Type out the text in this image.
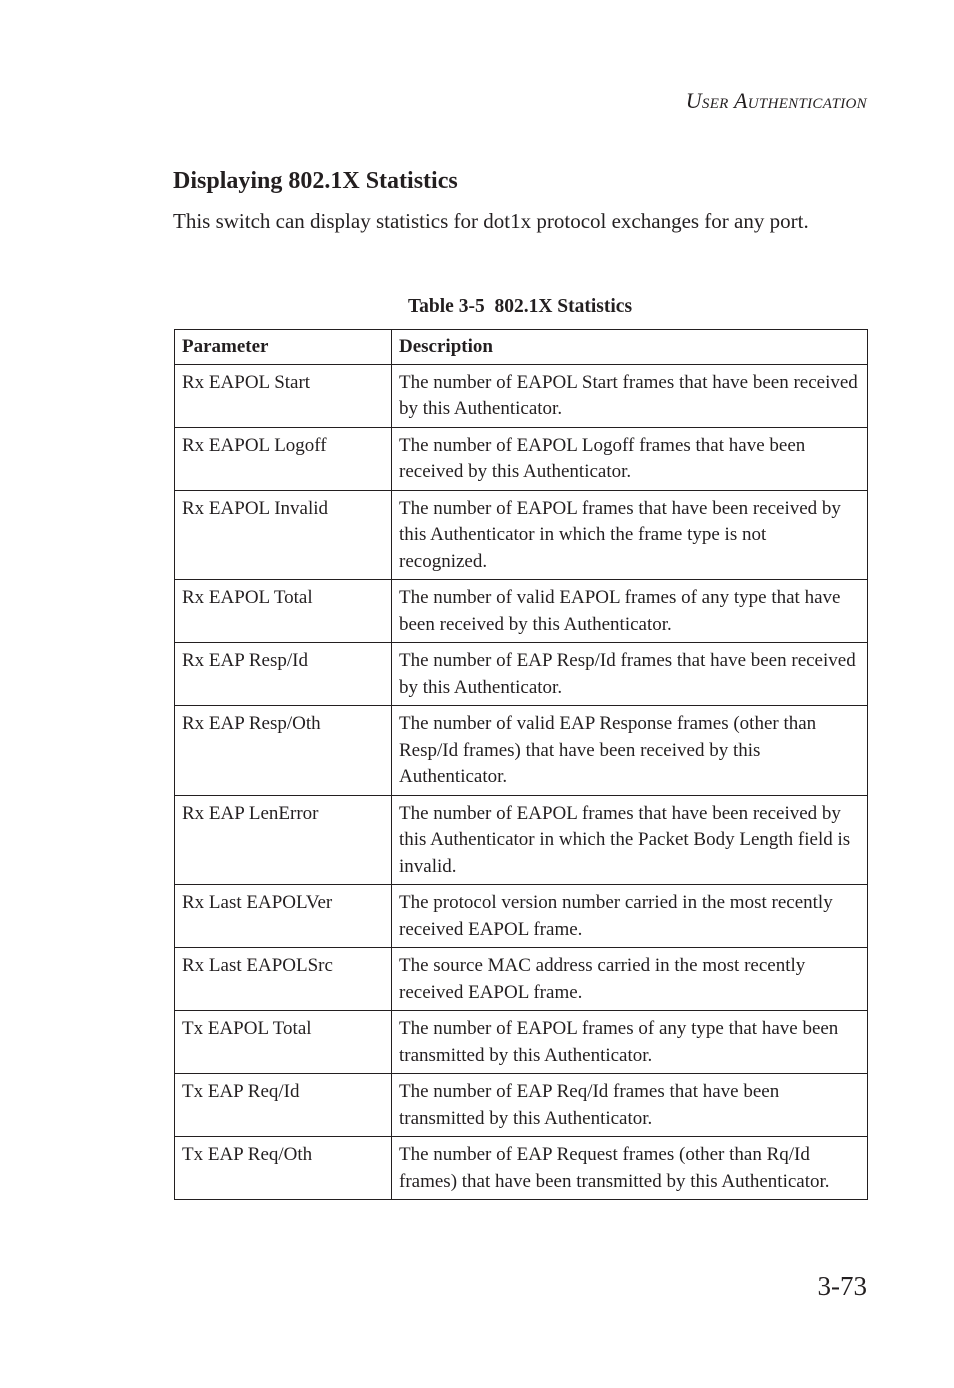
User Authentication
Displaying 802.1X Statistics

This switch can display statistics for dot1x protocol exchanges for any port.

Table 3-5  802.1X Statistics
Parameter	Description
Rx EAPOL Start	The number of EAPOL Start frames that have been received by this Authenticator.
Rx EAPOL Logoff	The number of EAPOL Logoff frames that have been received by this Authenticator.
Rx EAPOL Invalid	The number of EAPOL frames that have been received by this Authenticator in which the frame type is not recognized.
Rx EAPOL Total	The number of valid EAPOL frames of any type that have been received by this Authenticator.
Rx EAP Resp/Id	The number of EAP Resp/Id frames that have been received by this Authenticator.
Rx EAP Resp/Oth	The number of valid EAP Response frames (other than Resp/Id frames) that have been received by this Authenticator.
Rx EAP LenError	The number of EAPOL frames that have been received by this Authenticator in which the Packet Body Length field is invalid.
Rx Last EAPOLVer	The protocol version number carried in the most recently received EAPOL frame.
Rx Last EAPOLSrc	The source MAC address carried in the most recently received EAPOL frame.
Tx EAPOL Total	The number of EAPOL frames of any type that have been transmitted by this Authenticator.
Tx EAP Req/Id	The number of EAP Req/Id frames that have been transmitted by this Authenticator.
Tx EAP Req/Oth	The number of EAP Request frames (other than Rq/Id frames) that have been transmitted by this Authenticator.
3-73
